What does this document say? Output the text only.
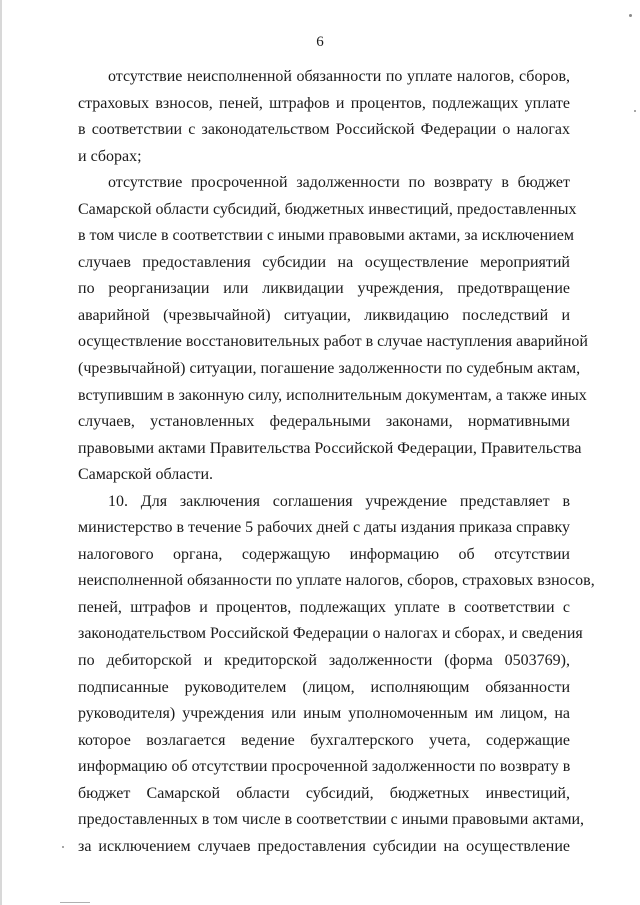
6
отсутствие неисполненной обязанности по уплате налогов, сборов,
страховых взносов, пеней, штрафов и процентов, подлежащих уплате
в соответствии с законодательством Российской Федерации о налогах
и сборах;
отсутствие просроченной задолженности по возврату в бюджет
Самарской области субсидий, бюджетных инвестиций, предоставленных
в том числе в соответствии с иными правовыми актами, за исключением
случаев предоставления субсидии на осуществление мероприятий
по реорганизации или ликвидации учреждения, предотвращение
аварийной (чрезвычайной) ситуации, ликвидацию последствий и
осуществление восстановительных работ в случае наступления аварийной
(чрезвычайной) ситуации, погашение задолженности по судебным актам,
вступившим в законную силу, исполнительным документам, а также иных
случаев, установленных федеральными законами, нормативными
правовыми актами Правительства Российской Федерации, Правительства
Самарской области.
10. Для заключения соглашения учреждение представляет в
министерство в течение 5 рабочих дней с даты издания приказа справку
налогового органа, содержащую информацию об отсутствии
неисполненной обязанности по уплате налогов, сборов, страховых взносов,
пеней, штрафов и процентов, подлежащих уплате в соответствии с
законодательством Российской Федерации о налогах и сборах, и сведения
по дебиторской и кредиторской задолженности (форма 0503769),
подписанные руководителем (лицом, исполняющим обязанности
руководителя) учреждения или иным уполномоченным им лицом, на
которое возлагается ведение бухгалтерского учета, содержащие
информацию об отсутствии просроченной задолженности по возврату в
бюджет Самарской области субсидий, бюджетных инвестиций,
предоставленных в том числе в соответствии с иными правовыми актами,
за исключением случаев предоставления субсидии на осуществление
